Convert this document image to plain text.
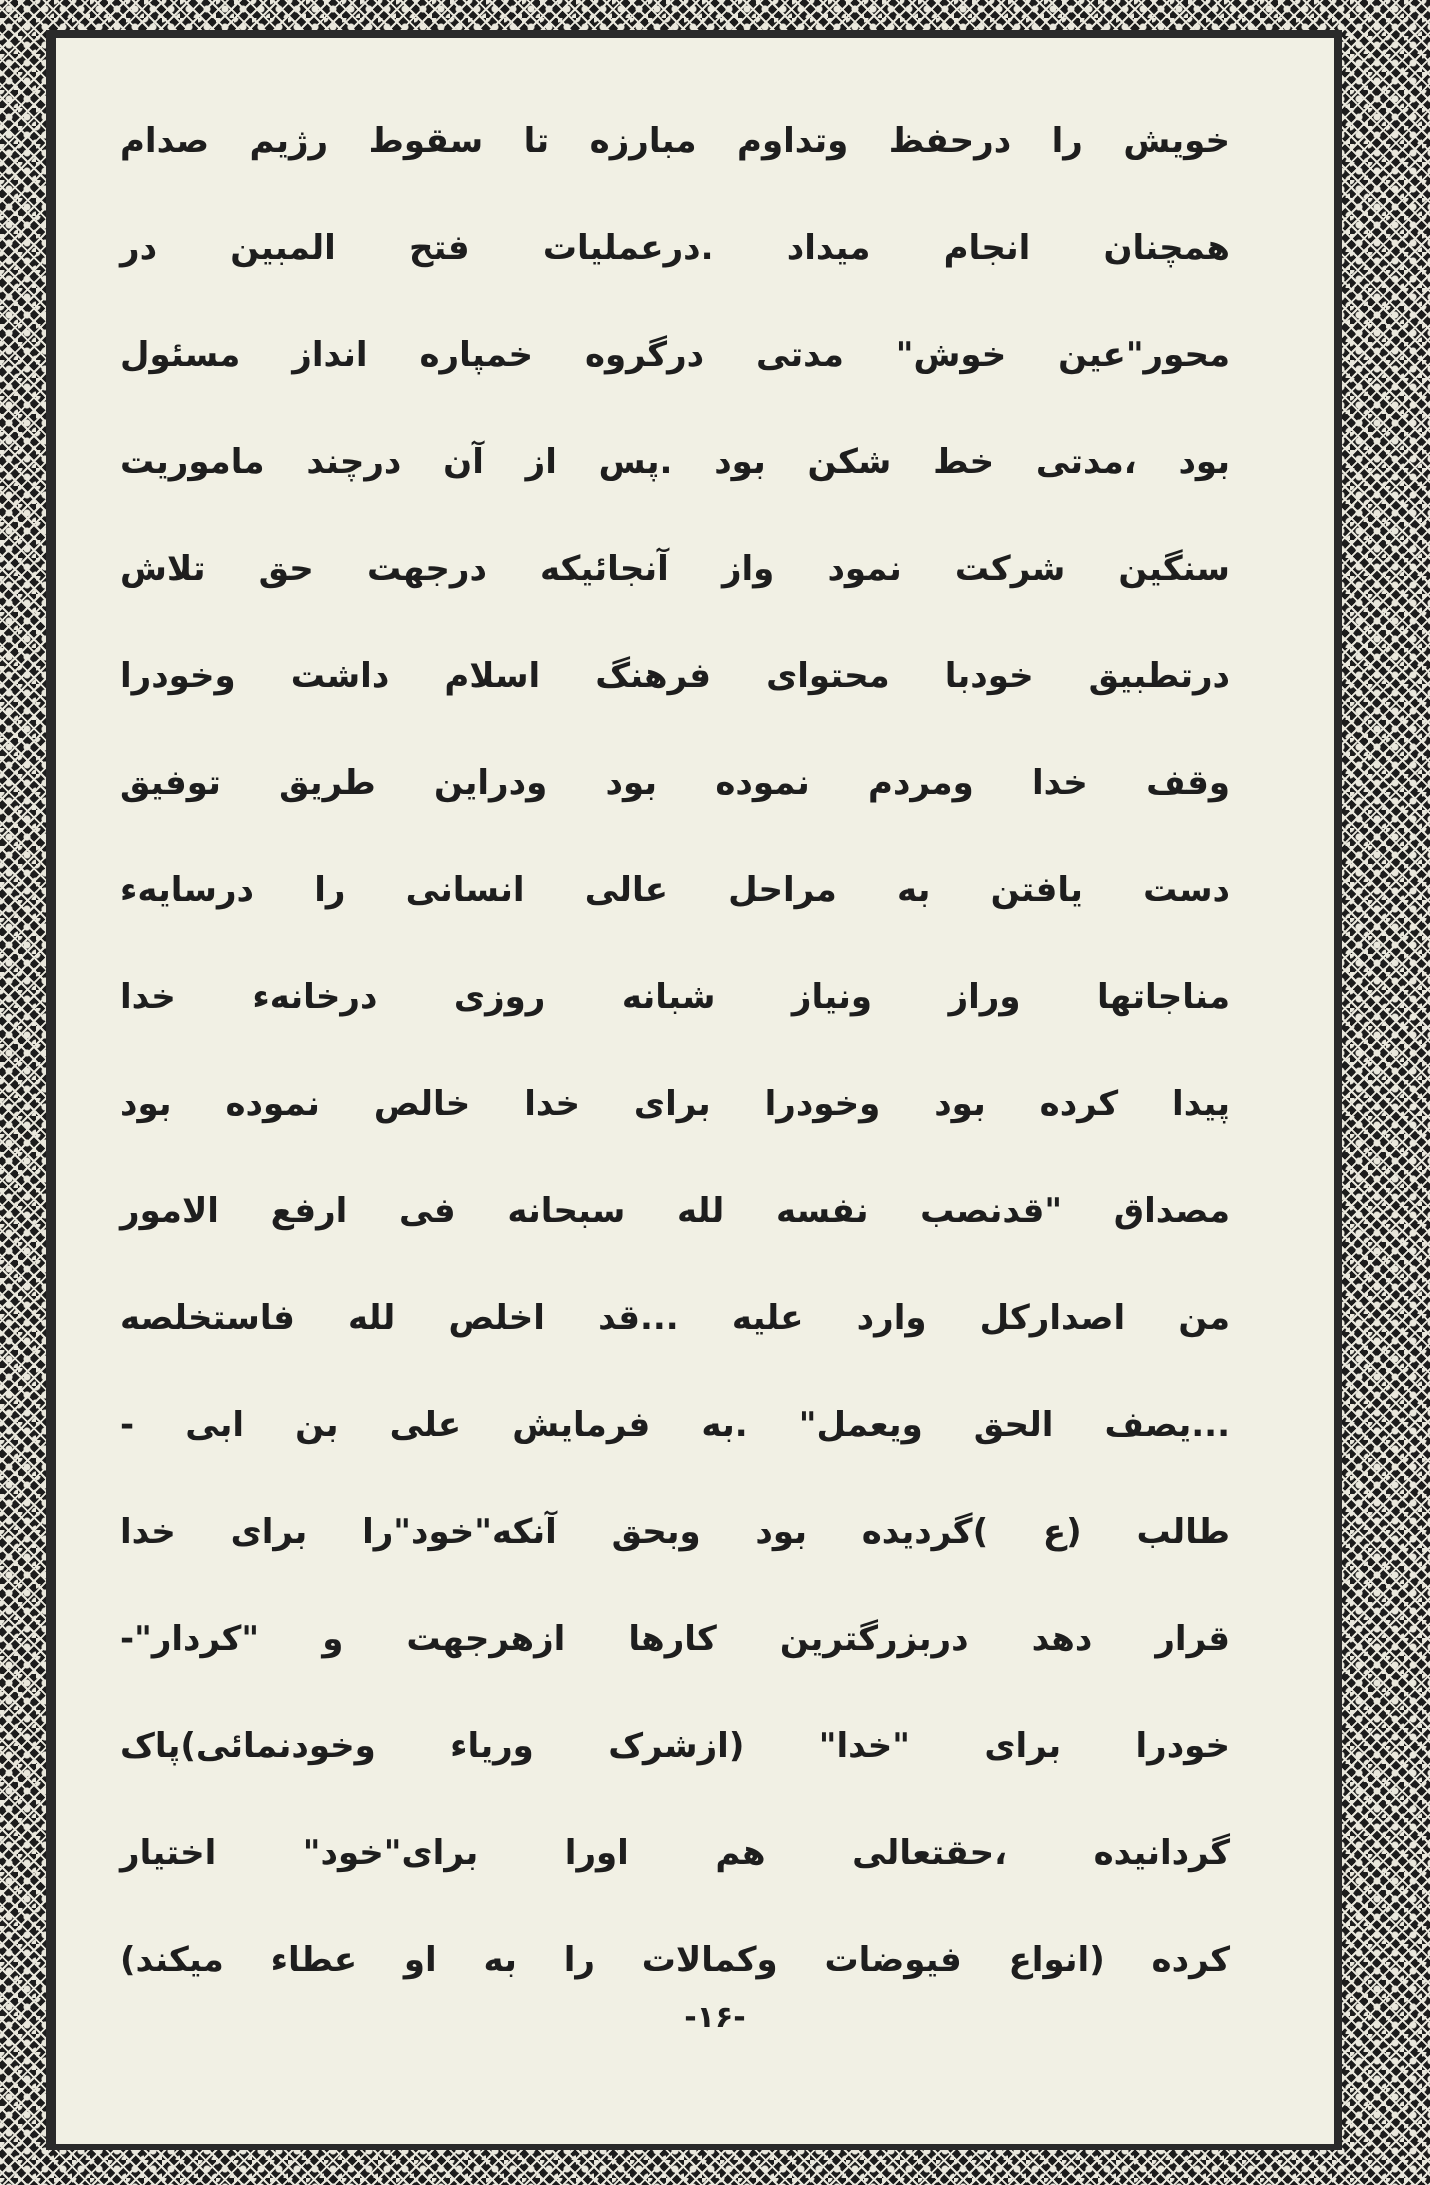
خویش را درحفظ وتداوم مبارزه تا سقوط رژیم صدام
همچنان انجام میداد .درعملیات فتح المبین در
محور"عین خوش" مدتی درگروه خمپاره انداز مسئول
بود ،مدتی خط شکن بود .پس از آن درچند ماموریت
سنگین شرکت نمود واز آنجائیکه درجهت حق تلاش
درتطبیق خودبا محتوای فرهنگ اسلام داشت وخودرا
وقف خدا ومردم نموده بود ودراین طریق توفیق
دست یافتن به مراحل عالی انسانی را درسایهء
مناجاتها وراز ونیاز شبانه روزی درخانهء خدا
پیدا کرده بود وخودرا برای خدا خالص نموده بود
مصداق "قدنصب نفسه لله سبحانه فی ارفع الامور
من اصدارکل وارد علیه ...قد اخلص لله فاستخلصه
...یصف الحق ویعمل" .به فرمایش علی بن ابی -
طالب (ع )گردیده بود وبحق آنکه"خود"را برای خدا
قرار دهد دربزرگترین کارها ازهرجهت و "کردار"-
خودرا برای "خدا" (ازشرک وریاء وخودنمائی)پاک
گردانیده ،حقتعالی هم اورا برای"خود" اختیار
کرده (انواع فیوضات وکمالات را به او عطاء میکند)
-۱۶-
